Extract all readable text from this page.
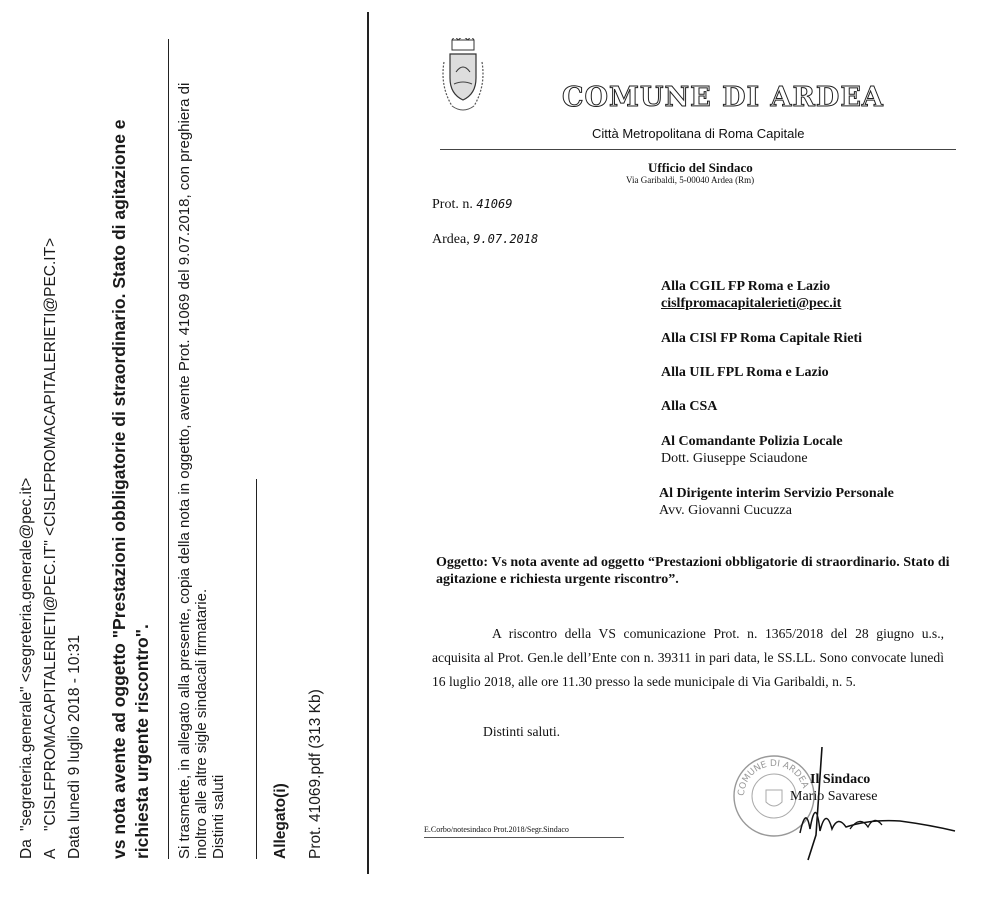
Da"segreteria.generale" <segreteria.generale@pec.it>
A"CISLFPROMACAPITALERIETI@PEC.IT" <CISLFPROMACAPITALERIETI@PEC.IT> Data lunedì 9 luglio 2018 - 10:31 vs nota avente ad oggetto "Prestazioni obbligatorie di straordinario. Stato di agitazione e richiesta urgente riscontro". Si trasmette, in allegato alla presente, copia della nota in oggetto, avente Prot. 41069 del 9.07.2018, con preghiera di inoltro alle altre sigle sindacali firmatarie. Distinti saluti	Allegato(i) Prot. 41069.pdf (313 Kb)
COMUNE DI ARDEA
Città Metropolitana di Roma Capitale
Ufficio del Sindaco
Via Garibaldi, 5-00040 Ardea (Rm)
Prot. n. 41069
Ardea, 9.07.2018
Alla CGIL FP Roma e Lazio
cislfpromacapitalerieti@pec.it
Alla CISl FP Roma Capitale Rieti
Alla UIL FPL Roma e Lazio
Alla CSA
Al Comandante Polizia Locale
Dott. Giuseppe Sciaudone
Al Dirigente interim Servizio Personale
Avv. Giovanni Cucuzza
Oggetto: Vs nota avente ad oggetto “Prestazioni obbligatorie di straordinario. Stato di agitazione e richiesta urgente riscontro”.
A riscontro della VS comunicazione Prot. n. 1365/2018 del 28 giugno u.s., acquisita al Prot. Gen.le dell’Ente con n. 39311 in pari data, le SS.LL. Sono convocate lunedì 16 luglio 2018, alle ore 11.30 presso la sede municipale di Via Garibaldi, n. 5.
Distinti saluti.
COMUNE DI ARDEA Il Sindaco
Mario Savarese
E.Corbo/notesindaco Prot.2018/Segr.Sindaco
